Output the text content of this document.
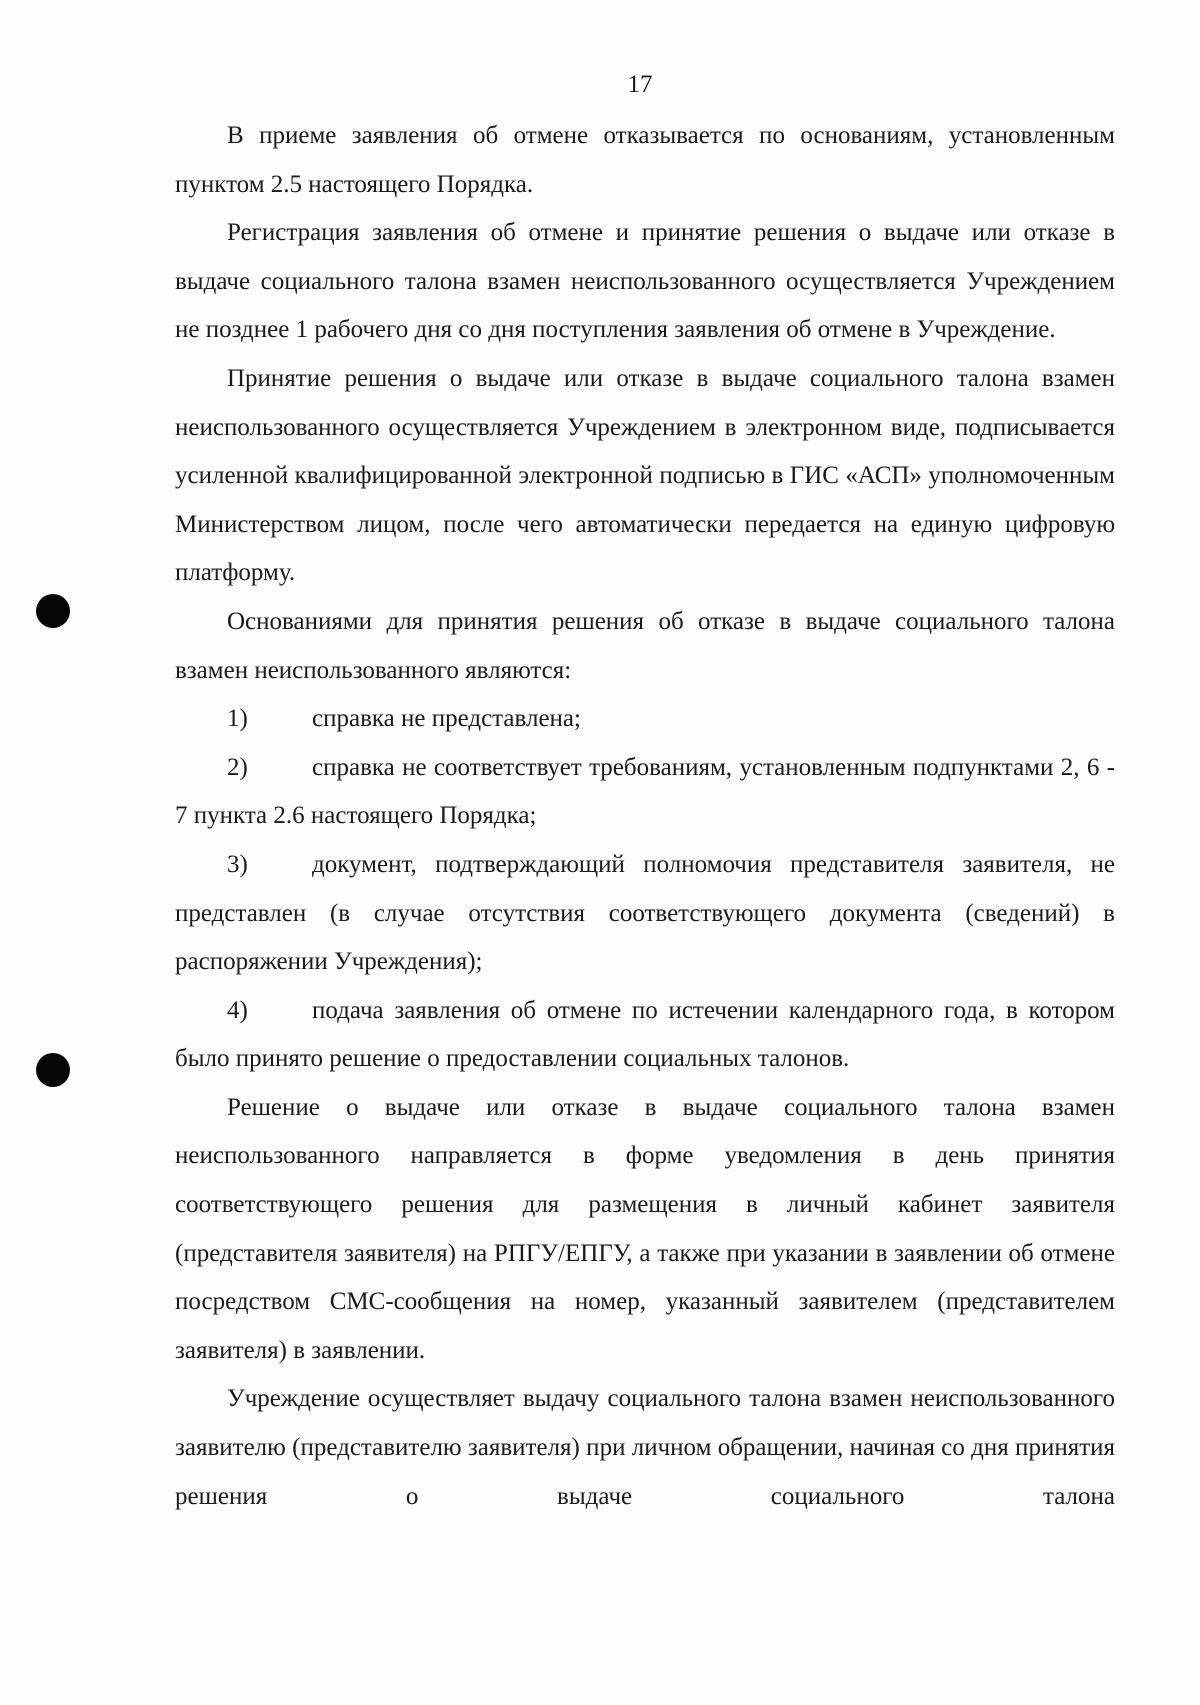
17

В приеме заявления об отмене отказывается по основаниям, установленным пунктом 2.5 настоящего Порядка.

Регистрация заявления об отмене и принятие решения о выдаче или отказе в выдаче социального талона взамен неиспользованного осуществляется Учреждением не позднее 1 рабочего дня со дня поступления заявления об отмене в Учреждение.

Принятие решения о выдаче или отказе в выдаче социального талона взамен неиспользованного осуществляется Учреждением в электронном виде, подписывается усиленной квалифицированной электронной подписью в ГИС «АСП» уполномоченным Министерством лицом, после чего автоматически передается на единую цифровую платформу.

Основаниями для принятия решения об отказе в выдаче социального талона взамен неиспользованного являются:

1)	справка не представлена;

2)	справка не соответствует требованиям, установленным подпунктами 2, 6 - 7 пункта 2.6 настоящего Порядка;

3)	документ, подтверждающий полномочия представителя заявителя, не представлен (в случае отсутствия соответствующего документа (сведений) в распоряжении Учреждения);

4)	подача заявления об отмене по истечении календарного года, в котором было принято решение о предоставлении социальных талонов.

Решение о выдаче или отказе в выдаче социального талона взамен неиспользованного направляется в форме уведомления в день принятия соответствующего решения для размещения в личный кабинет заявителя (представителя заявителя) на РПГУ/ЕПГУ, а также при указании в заявлении об отмене посредством СМС-сообщения на номер, указанный заявителем (представителем заявителя) в заявлении.

Учреждение осуществляет выдачу социального талона взамен неиспользованного заявителю (представителю заявителя) при личном обращении, начиная со дня принятия решения о выдаче социального талона
